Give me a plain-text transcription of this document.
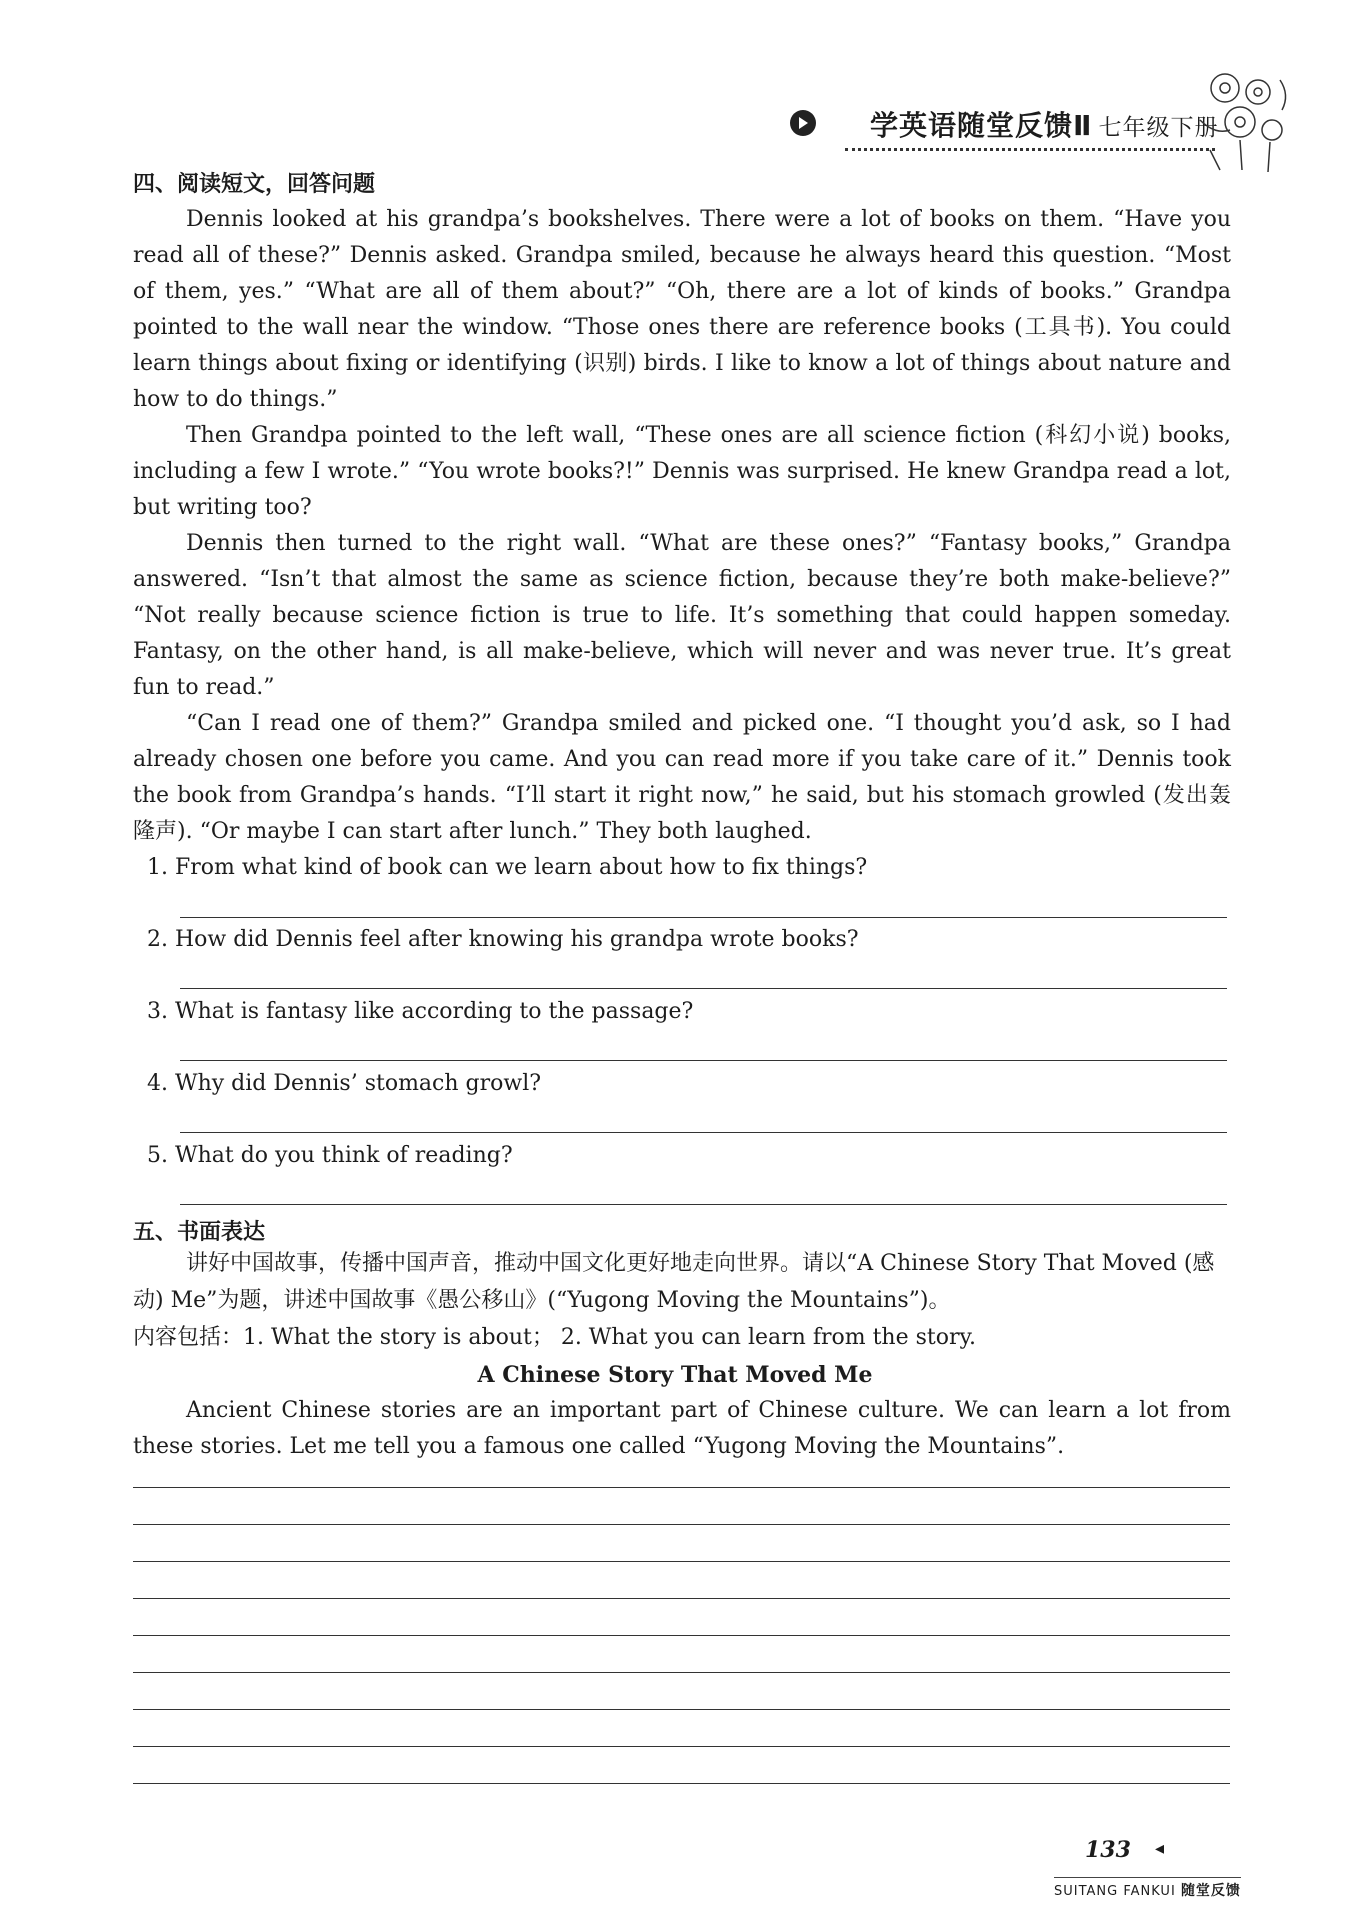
学英语随堂反馈Ⅱ 七年级下册
四、阅读短文，回答问题

Dennis looked at his grandpa’s bookshelves. There were a lot of books on them. “Have you read all of these?” Dennis asked. Grandpa smiled, because he always heard this question. “Most of them, yes.” “What are all of them about?” “Oh, there are a lot of kinds of books.” Grandpa pointed to the wall near the window. “Those ones there are reference books (工具书). You could learn things about fixing or identifying (识别) birds. I like to know a lot of things about nature and how to do things.”

Then Grandpa pointed to the left wall, “These ones are all science fiction (科幻小说) books, including a few I wrote.” “You wrote books?!” Dennis was surprised. He knew Grandpa read a lot, but writing too?

Dennis then turned to the right wall. “What are these ones?” “Fantasy books,” Grandpa answered. “Isn’t that almost the same as science fiction, because they’re both make-believe?” “Not really because science fiction is true to life. It’s something that could happen someday. Fantasy, on the other hand, is all make-believe, which will never and was never true. It’s great fun to read.”

“Can I read one of them?” Grandpa smiled and picked one. “I thought you’d ask, so I had already chosen one before you came. And you can read more if you take care of it.” Dennis took the book from Grandpa’s hands. “I’ll start it right now,” he said, but his stomach growled (发出轰隆声). “Or maybe I can start after lunch.” They both laughed.

1. From what kind of book can we learn about how to fix things?
2. How did Dennis feel after knowing his grandpa wrote books?
3. What is fantasy like according to the passage?
4. Why did Dennis’ stomach growl?
5. What do you think of reading?
五、书面表达

讲好中国故事，传播中国声音，推动中国文化更好地走向世界。请以“A Chinese Story That Moved (感动) Me”为题，讲述中国故事《愚公移山》(“Yugong Moving the Mountains”)。

内容包括：1. What the story is about； 2. What you can learn from the story.

A Chinese Story That Moved Me

Ancient Chinese stories are an important part of Chinese culture. We can learn a lot from these stories. Let me tell you a famous one called “Yugong Moving the Mountains”.

133 ◂
SUITANG FANKUI 随堂反馈
